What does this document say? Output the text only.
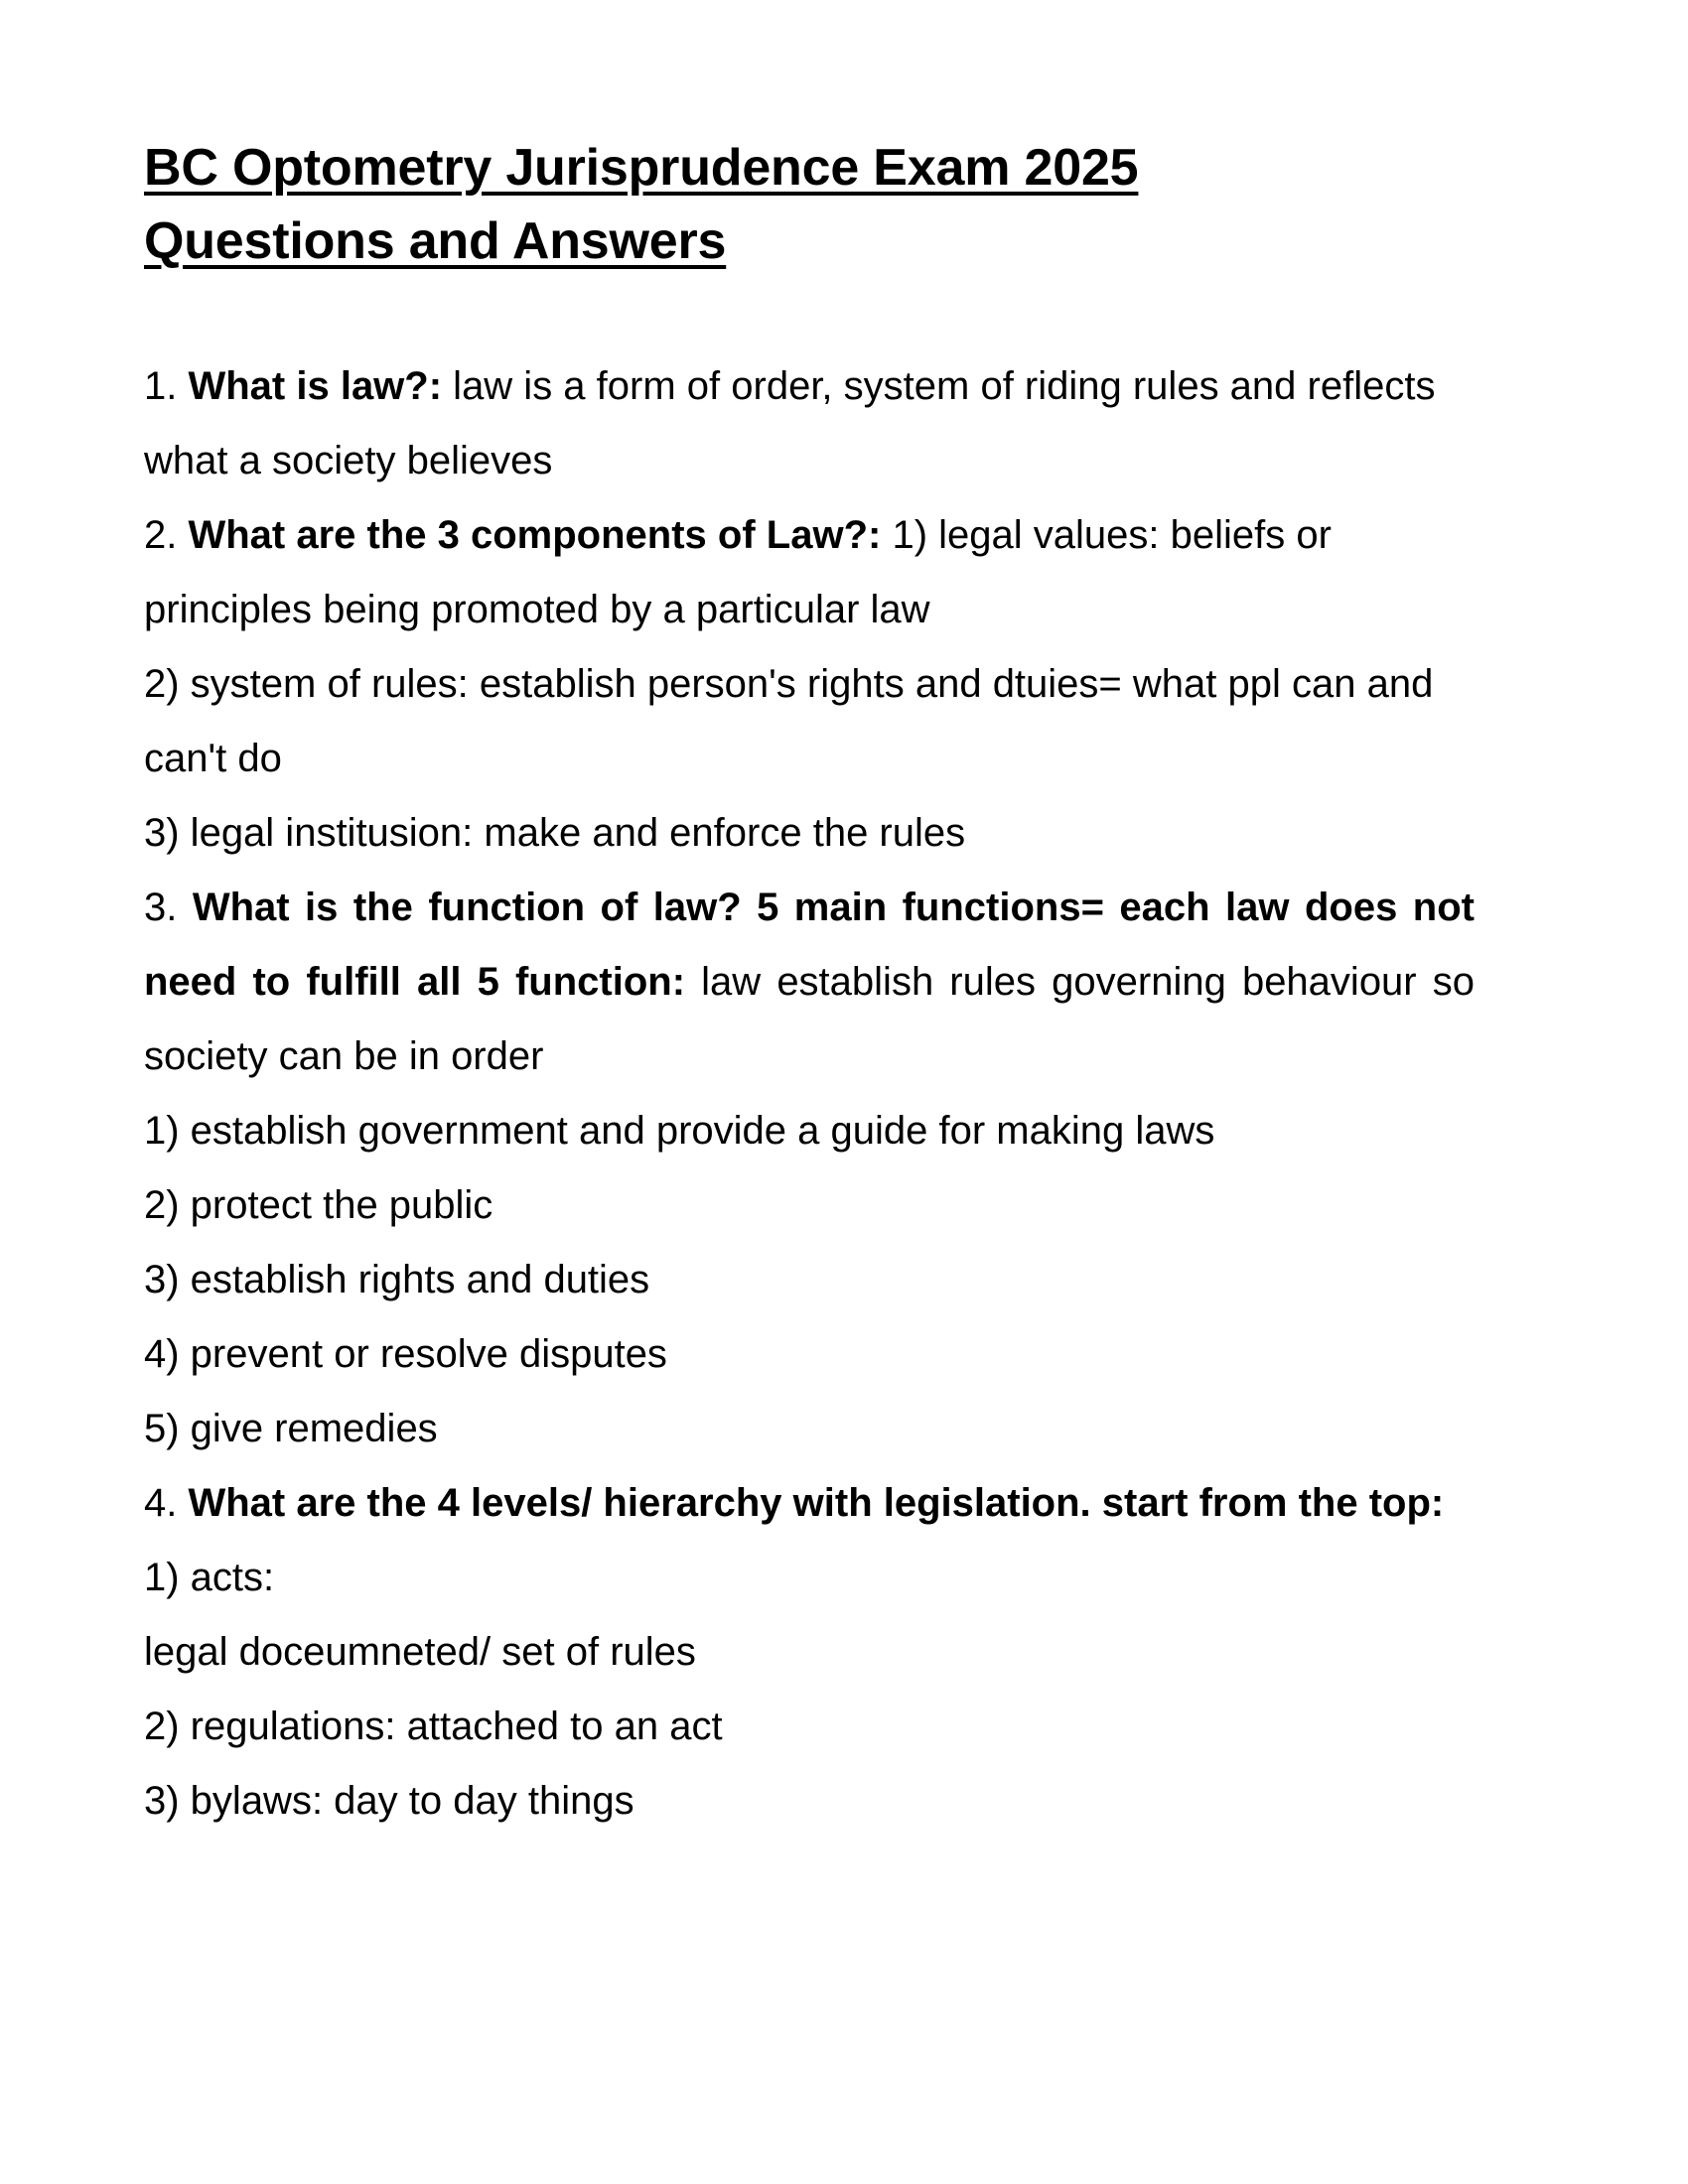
BC Optometry Jurisprudence Exam 2025
Questions and Answers

1. What is law?: law is a form of order, system of riding rules and reflects what a society believes

2. What are the 3 components of Law?: 1) legal values: beliefs or principles being promoted by a particular law

2) system of rules: establish person's rights and dtuies= what ppl can and can't do

3) legal institusion: make and enforce the rules

3. What is the function of law? 5 main functions= each law does not need to fulfill all 5 function: law establish rules governing behaviour so society can be in order

1) establish government and provide a guide for making laws

2) protect the public

3) establish rights and duties

4) prevent or resolve disputes

5) give remedies

4. What are the 4 levels/ hierarchy with legislation. start from the top: 1) acts:

legal doceumneted/ set of rules

2) regulations: attached to an act

3) bylaws: day to day things
